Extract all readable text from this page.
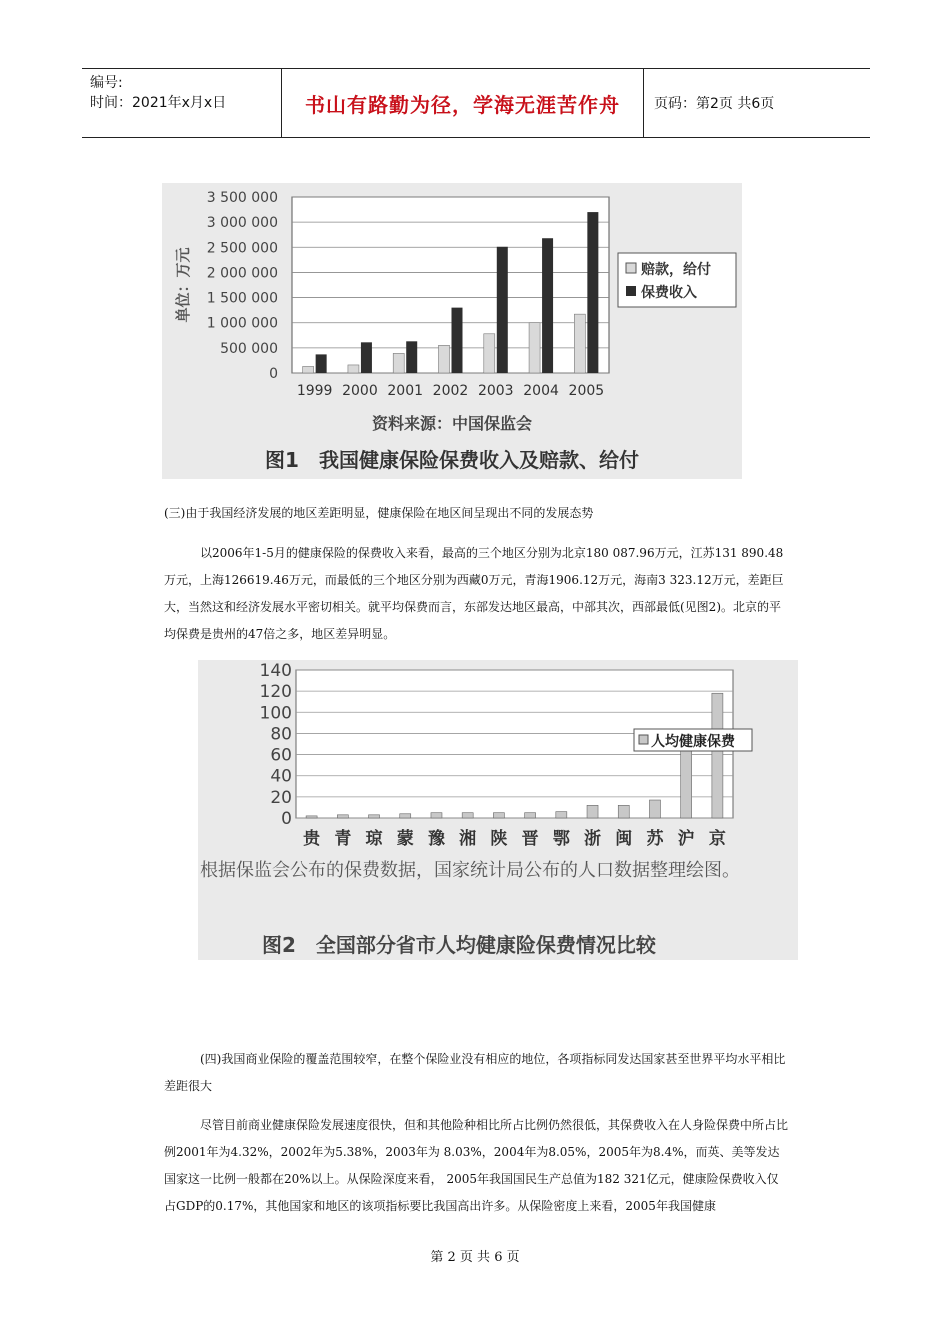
编号:
时间：2021年x月x日	书山有路勤为径，学海无涯苦作舟	页码：第2页 共6页
0
500 000
1 000 000
1 500 000
2 000 000
2 500 000
3 000 000
3 500 000
单位：万元
1999 2000 2001 2002 2003 2004 2005
赔款，给付
保费收入
资料来源：中国保监会
图1　我国健康保险保费收入及赔款、给付
(三)由于我国经济发展的地区差距明显，健康保险在地区间呈现出不同的发展态势
以2006年1-5月的健康保险的保费收入来看，最高的三个地区分别为北京180 087.96万元，江苏131 890.48万元，上海126619.46万元，而最低的三个地区分别为西藏0万元，青海1906.12万元，海南3 323.12万元，差距巨大，当然这和经济发展水平密切相关。就平均保费而言，东部发达地区最高，中部其次，西部最低(见图2)。北京的平均保费是贵州的47倍之多，地区差异明显。
0
20
40
60
80
100
120
140
贵 青 琼 蒙 豫 湘 陕 晋 鄂 浙 闽 苏 沪 京
人均健康保费
根据保监会公布的保费数据，国家统计局公布的人口数据整理绘图。
图2　全国部分省市人均健康险保费情况比较
(四)我国商业保险的覆盖范围较窄，在整个保险业没有相应的地位，各项指标同发达国家甚至世界平均水平相比差距很大
尽管目前商业健康保险发展速度很快，但和其他险种相比所占比例仍然很低，其保费收入在人身险保费中所占比例2001年为4.32%，2002年为5.38%，2003年为 8.03%，2004年为8.05%，2005年为8.4%，而英、美等发达国家这一比例一般都在20%以上。从保险深度来看， 2005年我国国民生产总值为182 321亿元，健康险保费收入仅占GDP的0.17%，其他国家和地区的该项指标要比我国高出许多。从保险密度上来看，2005年我国健康
第 2 页 共 6 页
